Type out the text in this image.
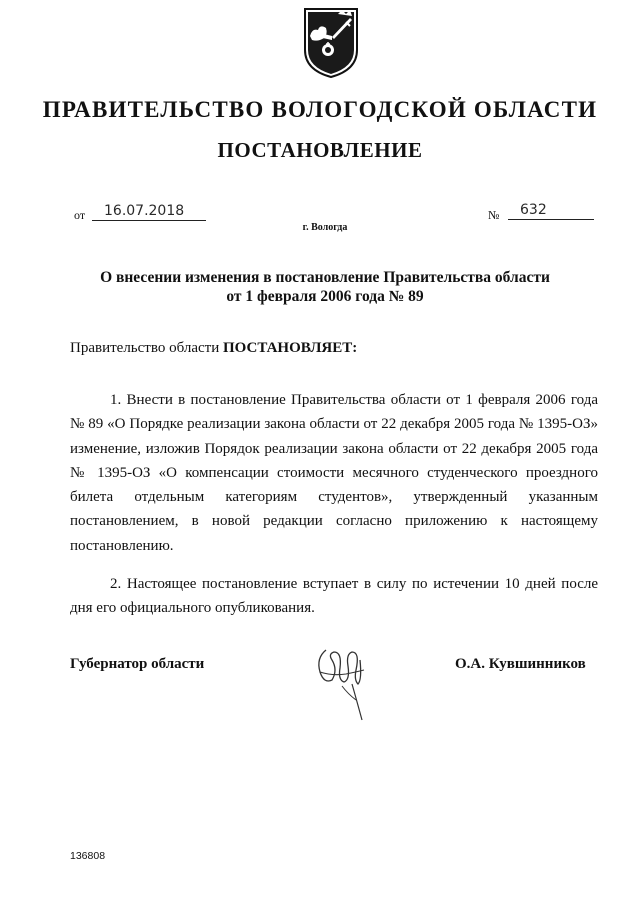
ПРАВИТЕЛЬСТВО ВОЛОГОДСКОЙ ОБЛАСТИ
ПОСТАНОВЛЕНИЕ
от 16.07.2018	№ 632
г. Вологда
О внесении изменения в постановление Правительства области
от 1 февраля 2006 года № 89
Правительство области ПОСТАНОВЛЯЕТ:
1. Внести в постановление Правительства области от 1 февраля 2006 года № 89 «О Порядке реализации закона области от 22 декабря 2005 года № 1395-ОЗ» изменение, изложив Порядок реализации закона области от 22 декабря 2005 года № 1395-ОЗ «О компенсации стоимости месячного студенческого проездного билета отдельным категориям студентов», утвержденный указанным постановлением, в новой редакции согласно приложению к настоящему постановлению.
2. Настоящее постановление вступает в силу по истечении 10 дней после дня его официального опубликования.
Губернатор области	О.А. Кувшинников
136808
